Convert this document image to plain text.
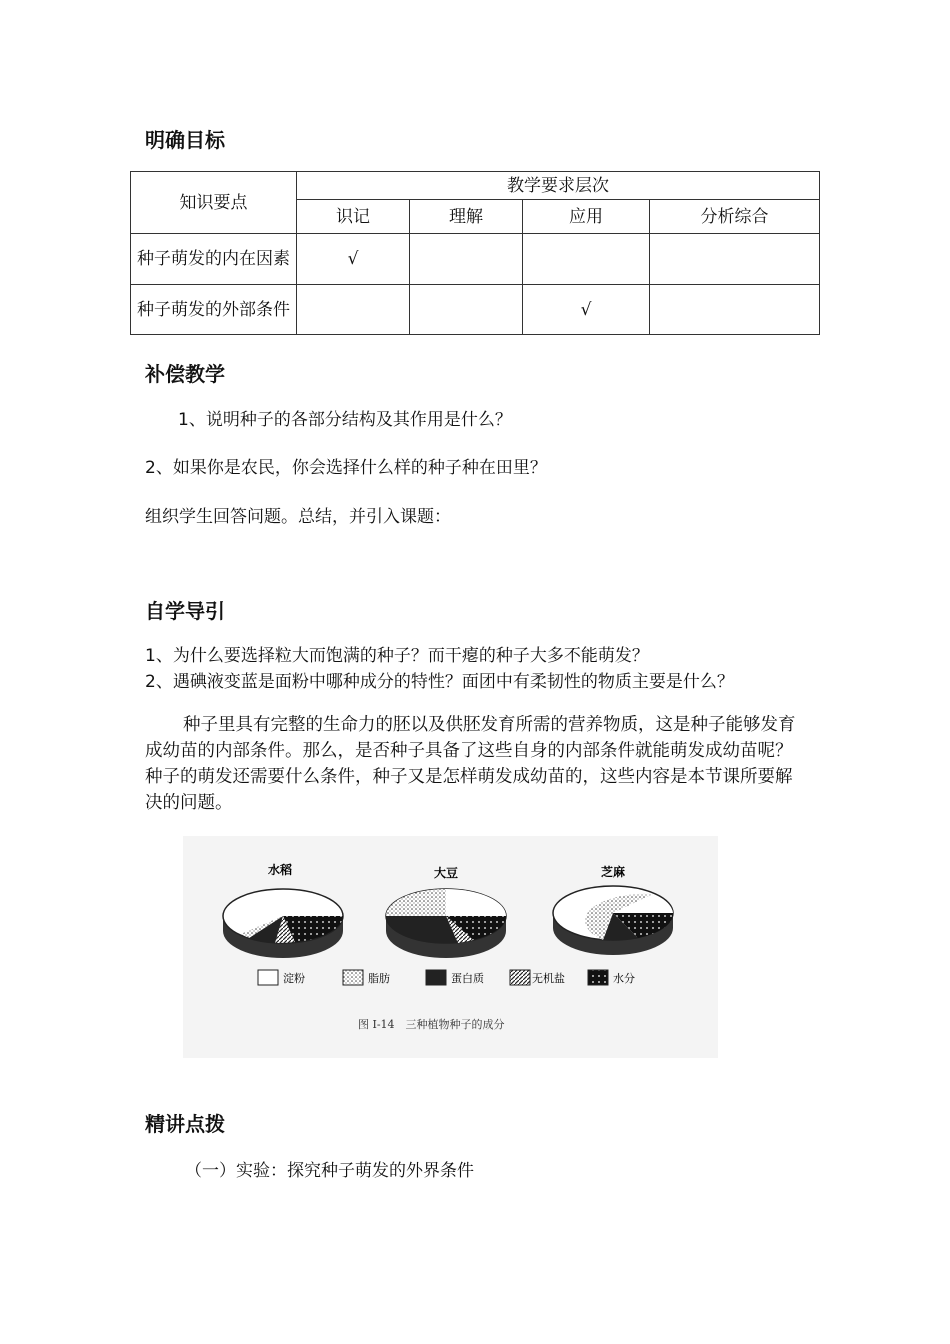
明确目标
知识要点	教学要求层次			
	识记	理解	应用	分析综合
种子萌发的内在因素	√			
种子萌发的外部条件			√	
补偿教学
1、说明种子的各部分结构及其作用是什么？
2、如果你是农民，你会选择什么样的种子种在田里？
组织学生回答问题。总结，并引入课题：
自学导引
1、为什么要选择粒大而饱满的种子？而干瘪的种子大多不能萌发？
2、遇碘液变蓝是面粉中哪种成分的特性？面团中有柔韧性的物质主要是什么？
种子里具有完整的生命力的胚以及供胚发育所需的营养物质，这是种子能够发育成幼苗的内部条件。那么，是否种子具备了这些自身的内部条件就能萌发成幼苗呢？种子的萌发还需要什么条件，种子又是怎样萌发成幼苗的，这些内容是本节课所要解决的问题。
水稻	大豆	芝麻
淀粉	脂肪	蛋白质	无机盐	水分
图 Ⅰ-14　三种植物种子的成分
精讲点拨
（一）实验：探究种子萌发的外界条件
